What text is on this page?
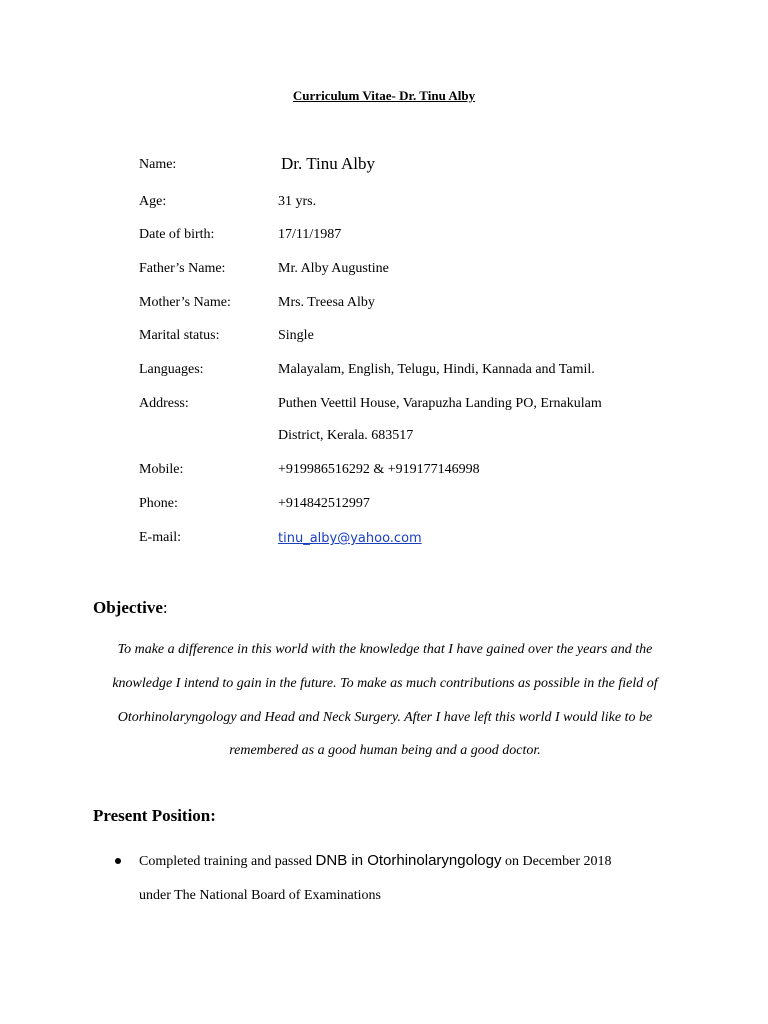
Curriculum Vitae- Dr. Tinu Alby
Name:	Dr. Tinu Alby
Age:	31 yrs.
Date of birth:	17/11/1987
Father’s Name:	Mr. Alby Augustine
Mother’s Name:	Mrs. Treesa Alby
Marital status:	Single
Languages:	Malayalam, English, Telugu, Hindi, Kannada and Tamil.
Address:	Puthen Veettil House, Varapuzha Landing PO, Ernakulam
District, Kerala. 683517
Mobile:	+919986516292 & +919177146998
Phone:	+914842512997
E-mail:	tinu_alby@yahoo.com
Objective:

To make a difference in this world with the knowledge that I have gained over the years and the knowledge I intend to gain in the future. To make as much contributions as possible in the field of Otorhinolaryngology and Head and Neck Surgery. After I have left this world I would like to be remembered as a good human being and a good doctor.

Present Position:
Completed training and passed DNB in Otorhinolaryngology on December 2018
under The National Board of Examinations
